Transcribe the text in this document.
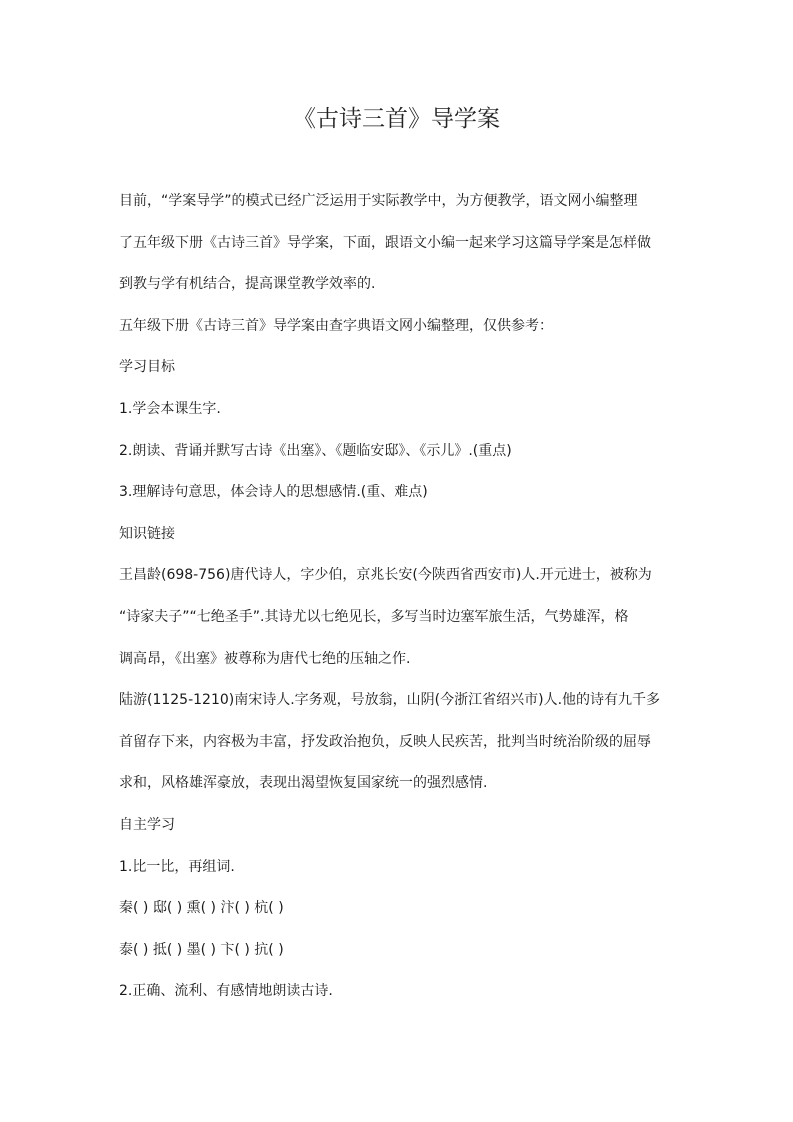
《古诗三首》导学案

目前，“学案导学”的模式已经广泛运用于实际教学中，为方便教学，语文网小编整理

了五年级下册《古诗三首》导学案，下面，跟语文小编一起来学习这篇导学案是怎样做

到教与学有机结合，提高课堂教学效率的.

五年级下册《古诗三首》导学案由查字典语文网小编整理，仅供参考：

学习目标

1.学会本课生字.

2.朗读、背诵并默写古诗《出塞》、《题临安邸》、《示儿》.(重点)

3.理解诗句意思，体会诗人的思想感情.(重、难点)

知识链接

王昌龄(698-756)唐代诗人，字少伯，京兆长安(今陕西省西安市)人.开元进士，被称为

“诗家夫子”“七绝圣手”.其诗尤以七绝见长，多写当时边塞军旅生活，气势雄浑，格

调高昂，《出塞》被尊称为唐代七绝的压轴之作.

陆游(1125-1210)南宋诗人.字务观，号放翁，山阴(今浙江省绍兴市)人.他的诗有九千多

首留存下来，内容极为丰富，抒发政治抱负，反映人民疾苦，批判当时统治阶级的屈辱

求和，风格雄浑豪放，表现出渴望恢复国家统一的强烈感情.

自主学习

1.比一比，再组词.

秦( ) 邸( ) 熏( ) 汴( ) 杭( )

泰( ) 抵( ) 墨( ) 卞( ) 抗( )

2.正确、流利、有感情地朗读古诗.
